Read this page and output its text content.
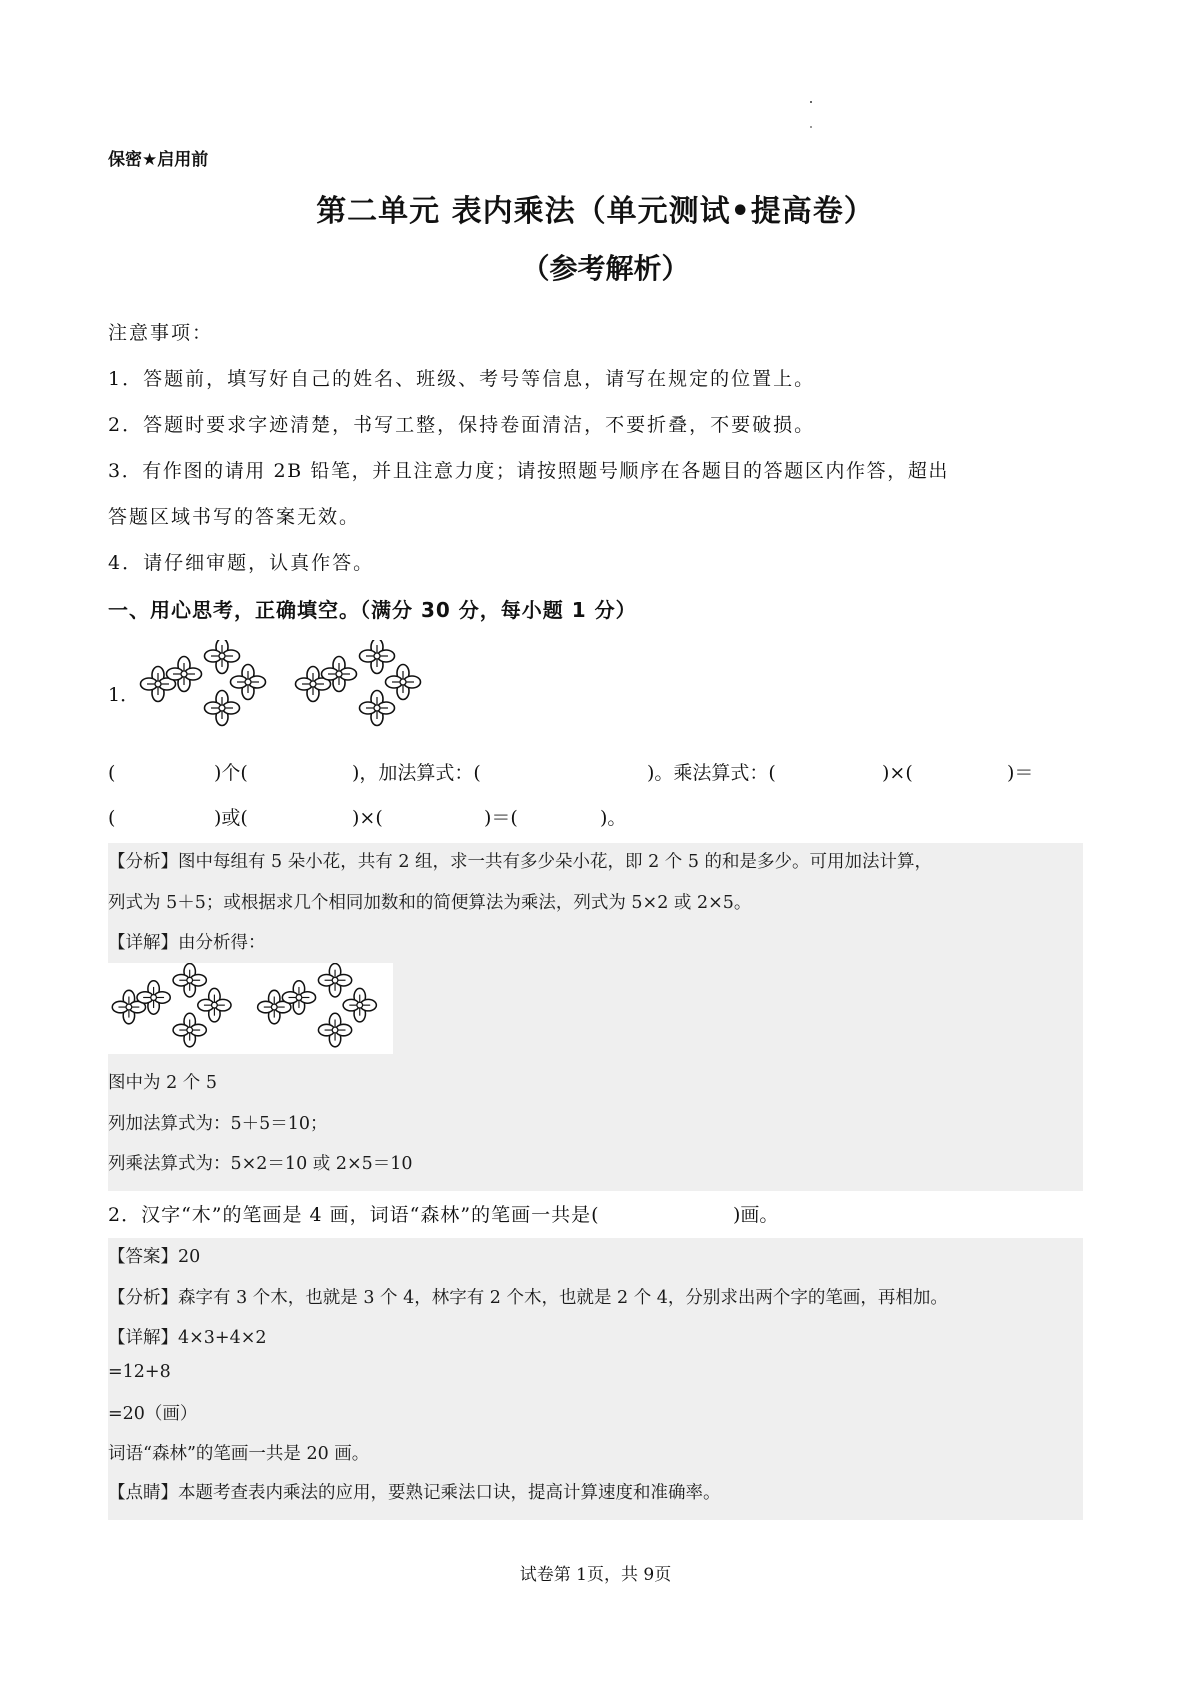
保密★启用前
第二单元 表内乘法（单元测试•提高卷）
（参考解析）
注意事项：
1．答题前，填写好自己的姓名、班级、考号等信息，请写在规定的位置上。
2．答题时要求字迹清楚，书写工整，保持卷面清洁，不要折叠，不要破损。
3．有作图的请用 2B 铅笔，并且注意力度；请按照题号顺序在各题目的答题区内作答，超出
答题区域书写的答案无效。
4．请仔细审题，认真作答。
一、用心思考，正确填空。（满分 30 分，每小题 1 分）
1．
(	)个(	)，加法算式：(	)。乘法算式：(	)×(	)＝
(	)或(	)×(	)＝(	)。
【分析】图中每组有 5 朵小花，共有 2 组，求一共有多少朵小花，即 2 个 5 的和是多少。可用加法计算，
列式为 5＋5；或根据求几个相同加数和的简便算法为乘法，列式为 5×2 或 2×5。
【详解】由分析得：
图中为 2 个 5
列加法算式为：5＋5＝10；
列乘法算式为：5×2＝10 或 2×5＝10
2．汉字“木”的笔画是 4 画，词语“森林”的笔画一共是(	)画。
【答案】20
【分析】森字有 3 个木，也就是 3 个 4，林字有 2 个木，也就是 2 个 4，分别求出两个字的笔画，再相加。
【详解】4×3+4×2
=12+8
=20（画）
词语“森林”的笔画一共是 20 画。
【点睛】本题考查表内乘法的应用，要熟记乘法口诀，提高计算速度和准确率。
试卷第 1页，共 9页
